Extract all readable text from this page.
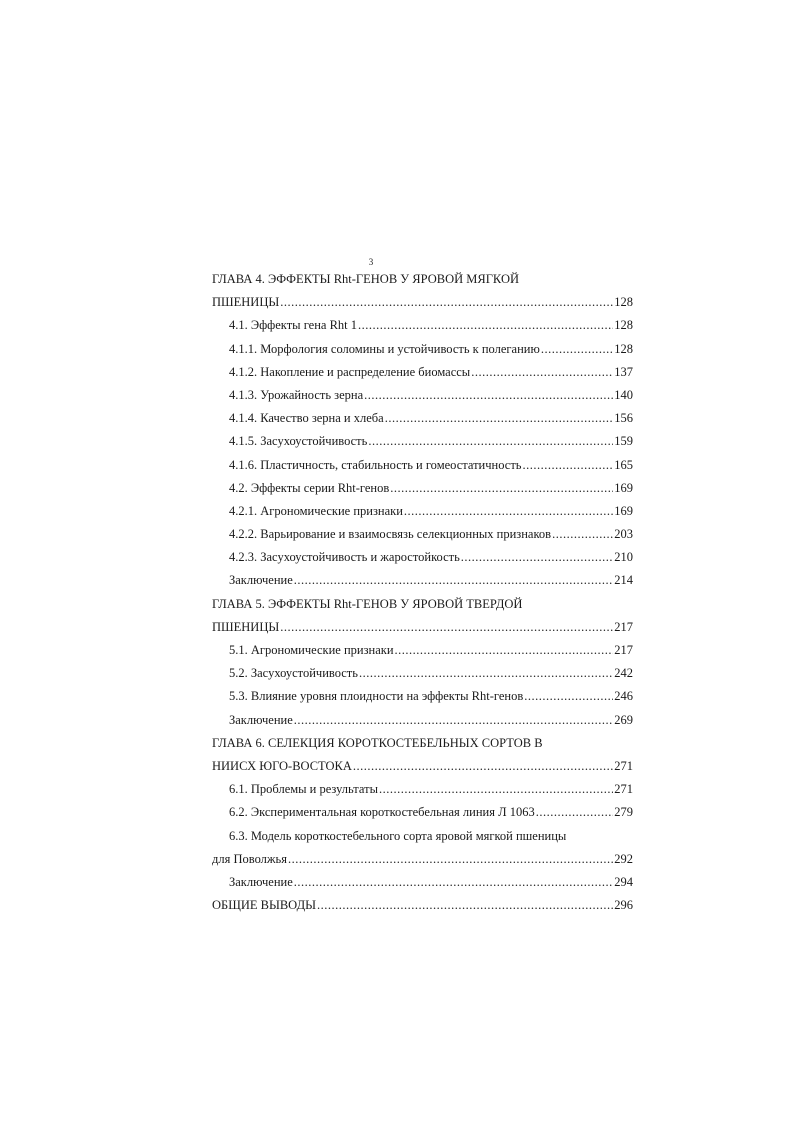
3
ГЛАВА 4. ЭФФЕКТЫ Rht-ГЕНОВ У ЯРОВОЙ МЯГКОЙ
ПШЕНИЦЫ .....	128
4.1. Эффекты гена Rht 1 .....	128
4.1.1. Морфология соломины и устойчивость к полеганию .....	128
4.1.2. Накопление и распределение биомассы .....	137
4.1.3. Урожайность зерна .....	140
4.1.4. Качество зерна и хлеба .....	156
4.1.5. Засухоустойчивость .....	159
4.1.6. Пластичность, стабильность и гомеостатичность .....	165
4.2. Эффекты серии Rht-генов .....	169
4.2.1. Агрономические признаки .....	169
4.2.2. Варьирование и взаимосвязь селекционных признаков .....	203
4.2.3. Засухоустойчивость и жаростойкость .....	210
Заключение .....	214
ГЛАВА 5. ЭФФЕКТЫ Rht-ГЕНОВ У ЯРОВОЙ ТВЕРДОЙ
ПШЕНИЦЫ .....	217
5.1. Агрономические признаки .....	217
5.2. Засухоустойчивость .....	242
5.3. Влияние уровня плоидности на эффекты Rht-генов .....	246
Заключение .....	269
ГЛАВА 6. СЕЛЕКЦИЯ КОРОТКОСТЕБЕЛЬНЫХ СОРТОВ В
НИИСХ ЮГО-ВОСТОКА .....	271
6.1. Проблемы и результаты .....	271
6.2. Экспериментальная короткостебельная линия Л 1063 .....	279
6.3. Модель короткостебельного сорта яровой мягкой пшеницы
для Поволжья .....	292
Заключение .....	294
ОБЩИЕ ВЫВОДЫ .....	296
